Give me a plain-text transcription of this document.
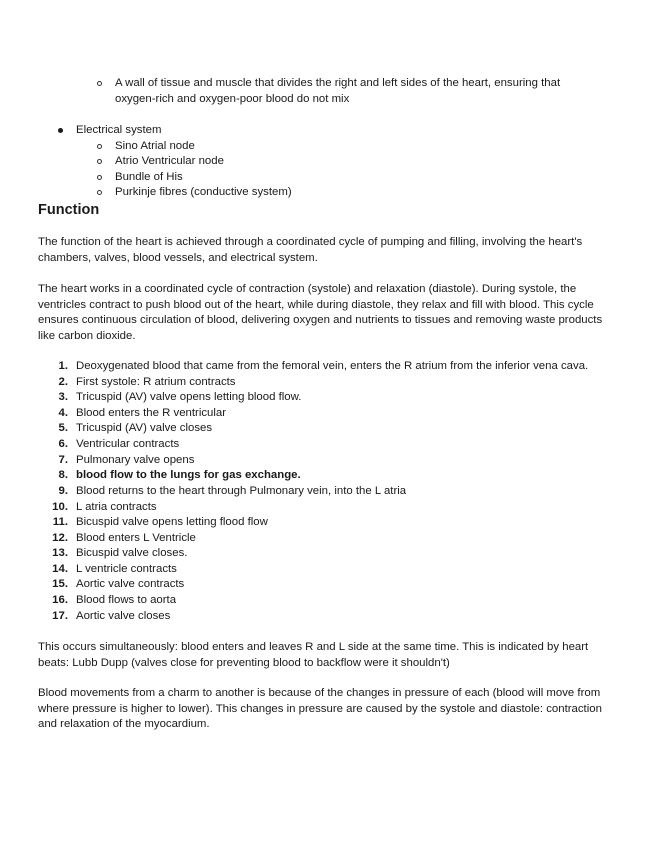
A wall of tissue and muscle that divides the right and left sides of the heart, ensuring that
oxygen-rich and oxygen-poor blood do not mix
Electrical system
Sino Atrial node
Atrio Ventricular node
Bundle of His
Purkinje fibres (conductive system)
Function
The function of the heart is achieved through a coordinated cycle of pumping and filling, involving the heart's chambers, valves, blood vessels, and electrical system.
The heart works in a coordinated cycle of contraction (systole) and relaxation (diastole). During systole, the ventricles contract to push blood out of the heart, while during diastole, they relax and fill with blood. This cycle ensures continuous circulation of blood, delivering oxygen and nutrients to tissues and removing waste products like carbon dioxide.
1. Deoxygenated blood that came from the femoral vein, enters the R atrium from the inferior vena cava.
2. First systole: R atrium contracts
3. Tricuspid (AV) valve opens letting blood flow.
4. Blood enters the R ventricular
5. Tricuspid (AV) valve closes
6. Ventricular contracts
7. Pulmonary valve opens
8. blood flow to the lungs for gas exchange.
9. Blood returns to the heart through Pulmonary vein, into the L atria
10. L atria contracts
11. Bicuspid valve opens letting flood flow
12. Blood enters L Ventricle
13. Bicuspid valve closes.
14. L ventricle contracts
15. Aortic valve contracts
16. Blood flows to aorta
17. Aortic valve closes
This occurs simultaneously: blood enters and leaves R and L side at the same time. This is indicated by heart beats: Lubb Dupp (valves close for preventing blood to backflow were it shouldn't)
Blood movements from a charm to another is because of the changes in pressure of each (blood will move from where pressure is higher to lower). This changes in pressure are caused by the systole and diastole: contraction and relaxation of the myocardium.
